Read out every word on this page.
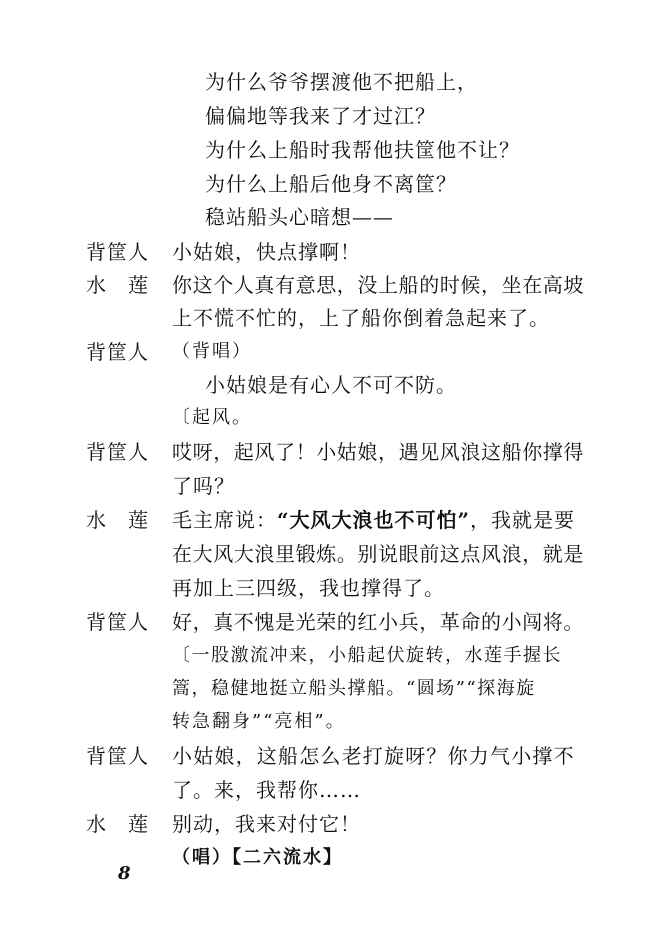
为什么爷爷摆渡他不把船上，
偏偏地等我来了才过江？
为什么上船时我帮他扶筐他不让？
为什么上船后他身不离筐？
稳站船头心暗想——
背筐人	小姑娘，快点撑啊！
水　莲	你这个人真有意思，没上船的时候，坐在高坡
上不慌不忙的，上了船你倒着急起来了。
背筐人	（背唱）
小姑娘是有心人不可不防。
〔起风。
背筐人	哎呀，起风了！小姑娘，遇见风浪这船你撑得
了吗？
水　莲	毛主席说：“大风大浪也不可怕”，我就是要
在大风大浪里锻炼。别说眼前这点风浪，就是
再加上三四级，我也撑得了。
背筐人	好，真不愧是光荣的红小兵，革命的小闯将。
〔一股激流冲来，小船起伏旋转，水莲手握长
篙，稳健地挺立船头撑船。“圆场”“探海旋
转急翻身”“亮相”。
背筐人	小姑娘，这船怎么老打旋呀？你力气小撑不
了。来，我帮你……
水　莲	别动，我来对付它！
（唱）【二六流水】
8
